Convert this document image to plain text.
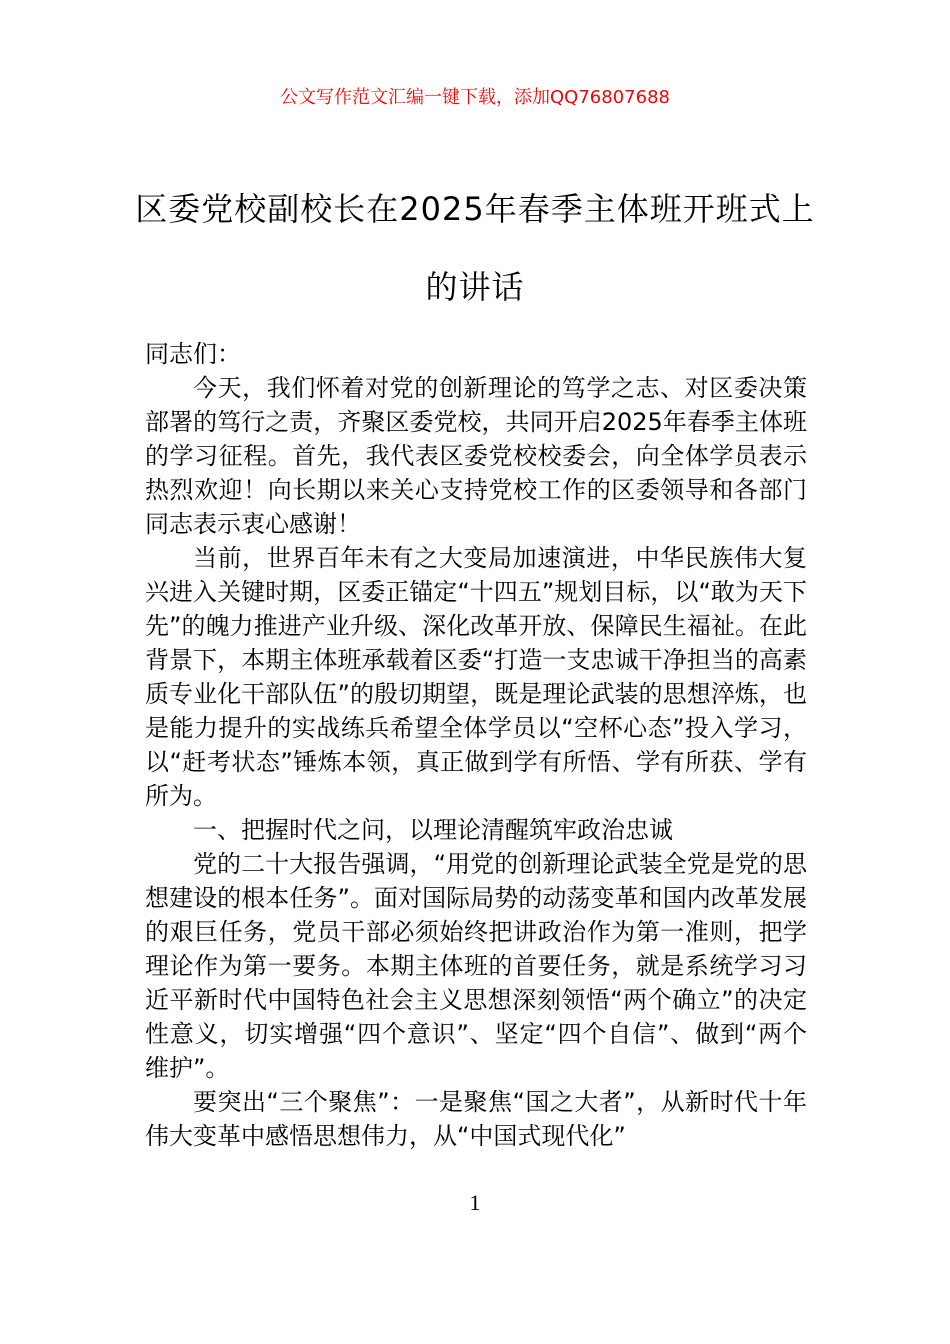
公文写作范文汇编一键下载，添加QQ76807688
区委党校副校长在2025年春季主体班开班式上的讲话

同志们：

今天，我们怀着对党的创新理论的笃学之志、对区委决策部署的笃行之责，齐聚区委党校，共同开启2025年春季主体班的学习征程。首先，我代表区委党校校委会，向全体学员表示热烈欢迎！向长期以来关心支持党校工作的区委领导和各部门同志表示衷心感谢！

当前，世界百年未有之大变局加速演进，中华民族伟大复兴进入关键时期，区委正锚定“十四五”规划目标，以“敢为天下先”的魄力推进产业升级、深化改革开放、保障民生福祉。在此背景下，本期主体班承载着区委“打造一支忠诚干净担当的高素质专业化干部队伍”的殷切期望，既是理论武装的思想淬炼，也是能力提升的实战练兵希望全体学员以“空杯心态”投入学习，以“赶考状态”锤炼本领，真正做到学有所悟、学有所获、学有所为。

一、把握时代之问，以理论清醒筑牢政治忠诚

党的二十大报告强调，“用党的创新理论武装全党是党的思想建设的根本任务”。面对国际局势的动荡变革和国内改革发展的艰巨任务，党员干部必须始终把讲政治作为第一准则，把学理论作为第一要务。本期主体班的首要任务，就是系统学习习近平新时代中国特色社会主义思想深刻领悟“两个确立”的决定性意义，切实增强“四个意识”、坚定“四个自信”、做到“两个维护”。

要突出“三个聚焦”：一是聚焦“国之大者”，从新时代十年伟大变革中感悟思想伟力，从“中国式现代化”

1
